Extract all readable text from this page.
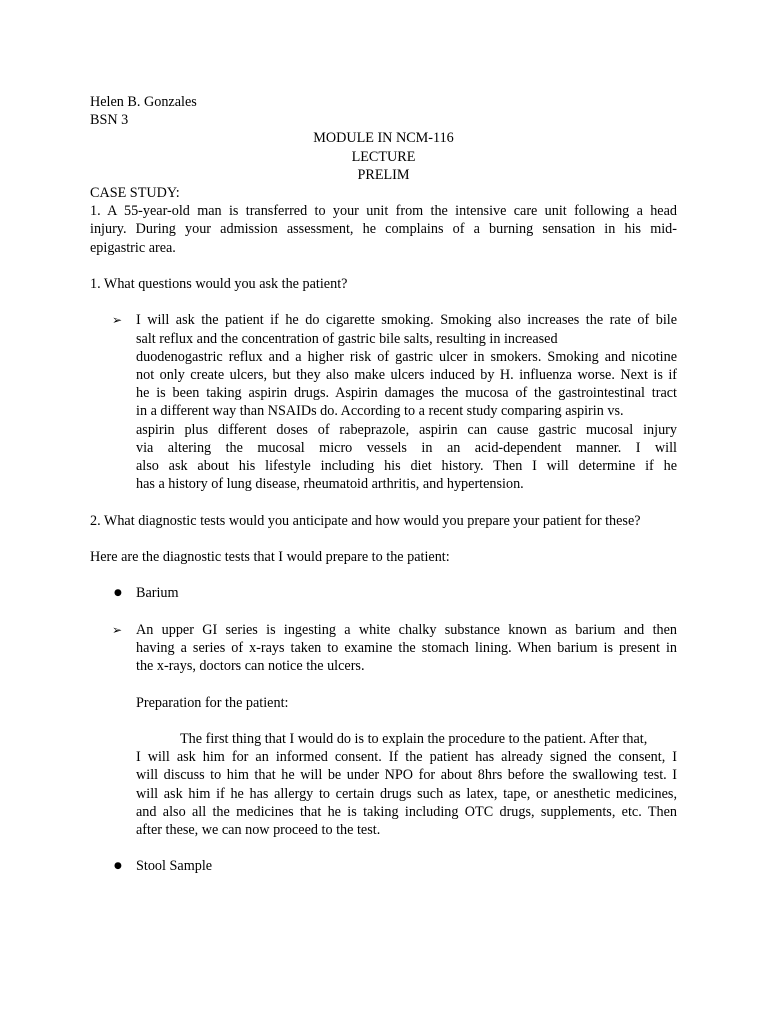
Helen B. Gonzales
BSN 3
MODULE IN NCM-116
LECTURE
PRELIM
CASE STUDY:
1. A 55-year-old man is transferred to your unit from the intensive care unit following a head
injury. During your admission assessment, he complains of a burning sensation in his mid-
epigastric area.
1. What questions would you ask the patient?
➢ I will ask the patient if he do cigarette smoking. Smoking also increases the rate of bile
salt reflux and the concentration of gastric bile salts, resulting in increased
duodenogastric reflux and a higher risk of gastric ulcer in smokers. Smoking and nicotine
not only create ulcers, but they also make ulcers induced by H. influenza worse. Next is if
he is been taking aspirin drugs. Aspirin damages the mucosa of the gastrointestinal tract
in a different way than NSAIDs do. According to a recent study comparing aspirin vs.
aspirin plus different doses of rabeprazole, aspirin can cause gastric mucosal injury
via altering the mucosal micro vessels in an acid-dependent manner. I will
also ask about his lifestyle including his diet history. Then I will determine if he
has a history of lung disease, rheumatoid arthritis, and hypertension.
2. What diagnostic tests would you anticipate and how would you prepare your patient for these?
Here are the diagnostic tests that I would prepare to the patient:
● Barium
➢ An upper GI series is ingesting a white chalky substance known as barium and then
having a series of x-rays taken to examine the stomach lining. When barium is present in
the x-rays, doctors can notice the ulcers.
Preparation for the patient:
The first thing that I would do is to explain the procedure to the patient. After that,
I will ask him for an informed consent. If the patient has already signed the consent, I
will discuss to him that he will be under NPO for about 8hrs before the swallowing test. I
will ask him if he has allergy to certain drugs such as latex, tape, or anesthetic medicines,
and also all the medicines that he is taking including OTC drugs, supplements, etc. Then
after these, we can now proceed to the test.
● Stool Sample
